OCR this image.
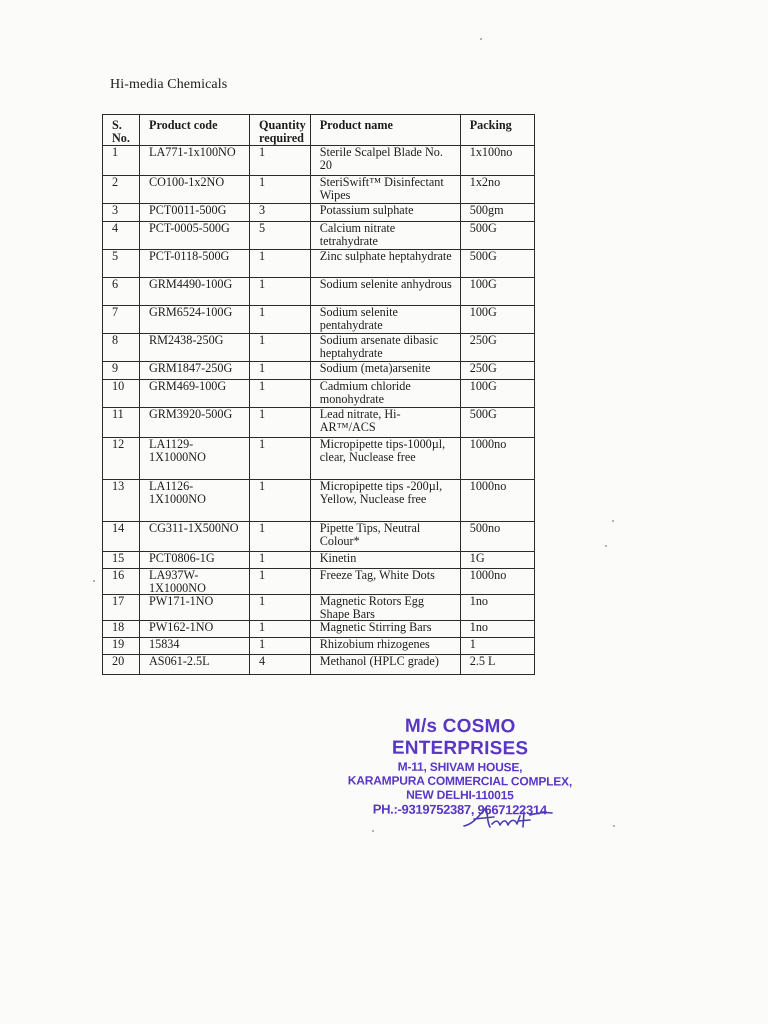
Hi-media Chemicals
S. No.	Product code	Quantity required	Product name	Packing
1	LA771-1x100NO	1	Sterile Scalpel Blade No. 20	1x100no
2	CO100-1x2NO	1	SteriSwift™ Disinfectant Wipes	1x2no
3	PCT0011-500G	3	Potassium sulphate	500gm
4	PCT-0005-500G	5	Calcium nitrate tetrahydrate	500G
5	PCT-0118-500G	1	Zinc sulphate heptahydrate	500G
6	GRM4490-100G	1	Sodium selenite anhydrous	100G
7	GRM6524-100G	1	Sodium selenite pentahydrate	100G
8	RM2438-250G	1	Sodium arsenate dibasic heptahydrate	250G
9	GRM1847-250G	1	Sodium (meta)arsenite	250G
10	GRM469-100G	1	Cadmium chloride monohydrate	100G
11	GRM3920-500G	1	Lead nitrate, Hi-AR™/ACS	500G
12	LA1129-1X1000NO	1	Micropipette tips-1000µl, clear, Nuclease free	1000no
13	LA1126-1X1000NO	1	Micropipette tips -200µl, Yellow, Nuclease free	1000no
14	CG311-1X500NO	1	Pipette Tips, Neutral Colour*	500no
15	PCT0806-1G	1	Kinetin	1G
16	LA937W-1X1000NO	1	Freeze Tag, White Dots	1000no
17	PW171-1NO	1	Magnetic Rotors Egg Shape Bars	1no
18	PW162-1NO	1	Magnetic Stirring Bars	1no
19	15834	1	Rhizobium rhizogenes	1
20	AS061-2.5L	4	Methanol (HPLC grade)	2.5 L
M/s COSMO ENTERPRISES
M-11, SHIVAM HOUSE,
KARAMPURA COMMERCIAL COMPLEX,
NEW DELHI-110015
PH.:-9319752387, 9667122314
